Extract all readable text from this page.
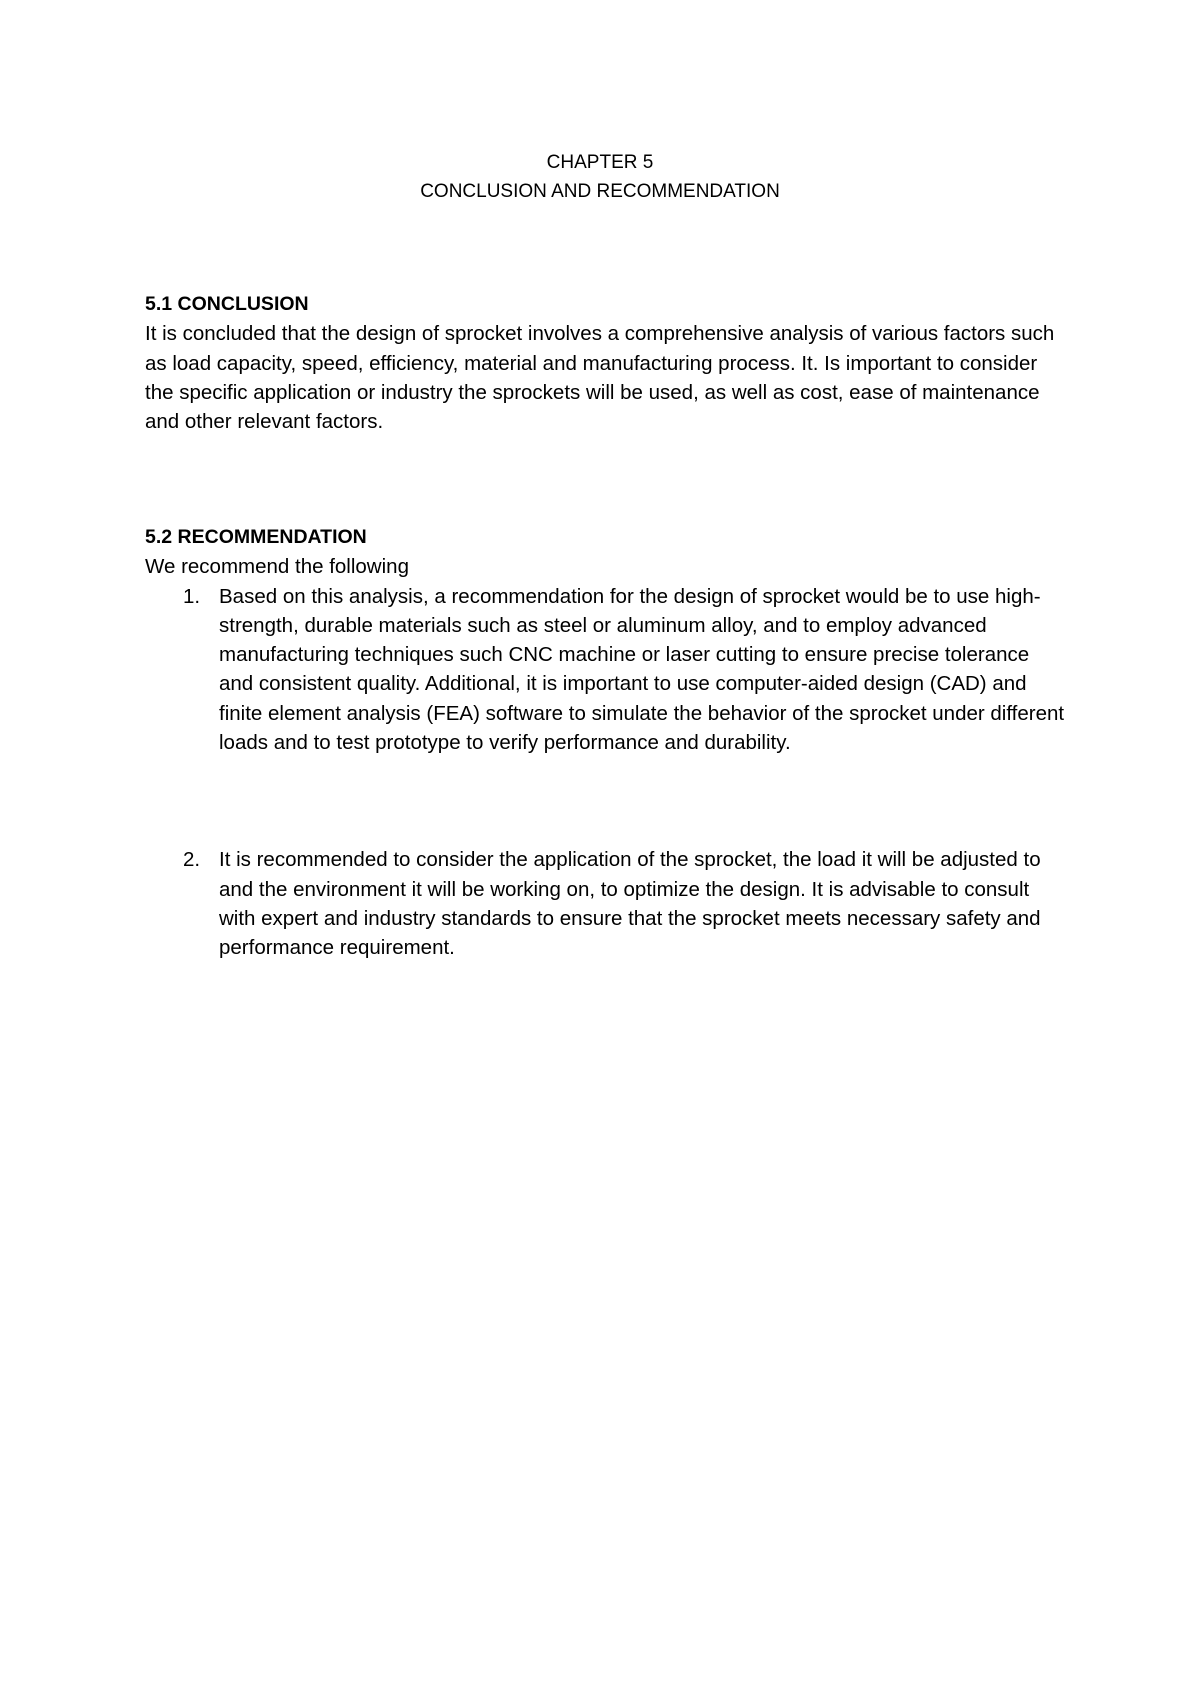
CHAPTER 5
CONCLUSION AND RECOMMENDATION
5.1 CONCLUSION

It is concluded that the design of sprocket involves a comprehensive analysis of various factors such as load capacity, speed, efficiency, material and manufacturing process. It. Is important to consider the specific application or industry the sprockets will be used, as well as cost, ease of maintenance and other relevant factors.

5.2 RECOMMENDATION

We recommend the following

1. Based on this analysis, a recommendation for the design of sprocket would be to use high-strength, durable materials such as steel or aluminum alloy, and to employ advanced manufacturing techniques such CNC machine or laser cutting to ensure precise tolerance and consistent quality. Additional, it is important to use computer-aided design (CAD) and finite element analysis (FEA) software to simulate the behavior of the sprocket under different loads and to test prototype to verify performance and durability.
2. It is recommended to consider the application of the sprocket, the load it will be adjusted to and the environment it will be working on, to optimize the design. It is advisable to consult with expert and industry standards to ensure that the sprocket meets necessary safety and performance requirement.
